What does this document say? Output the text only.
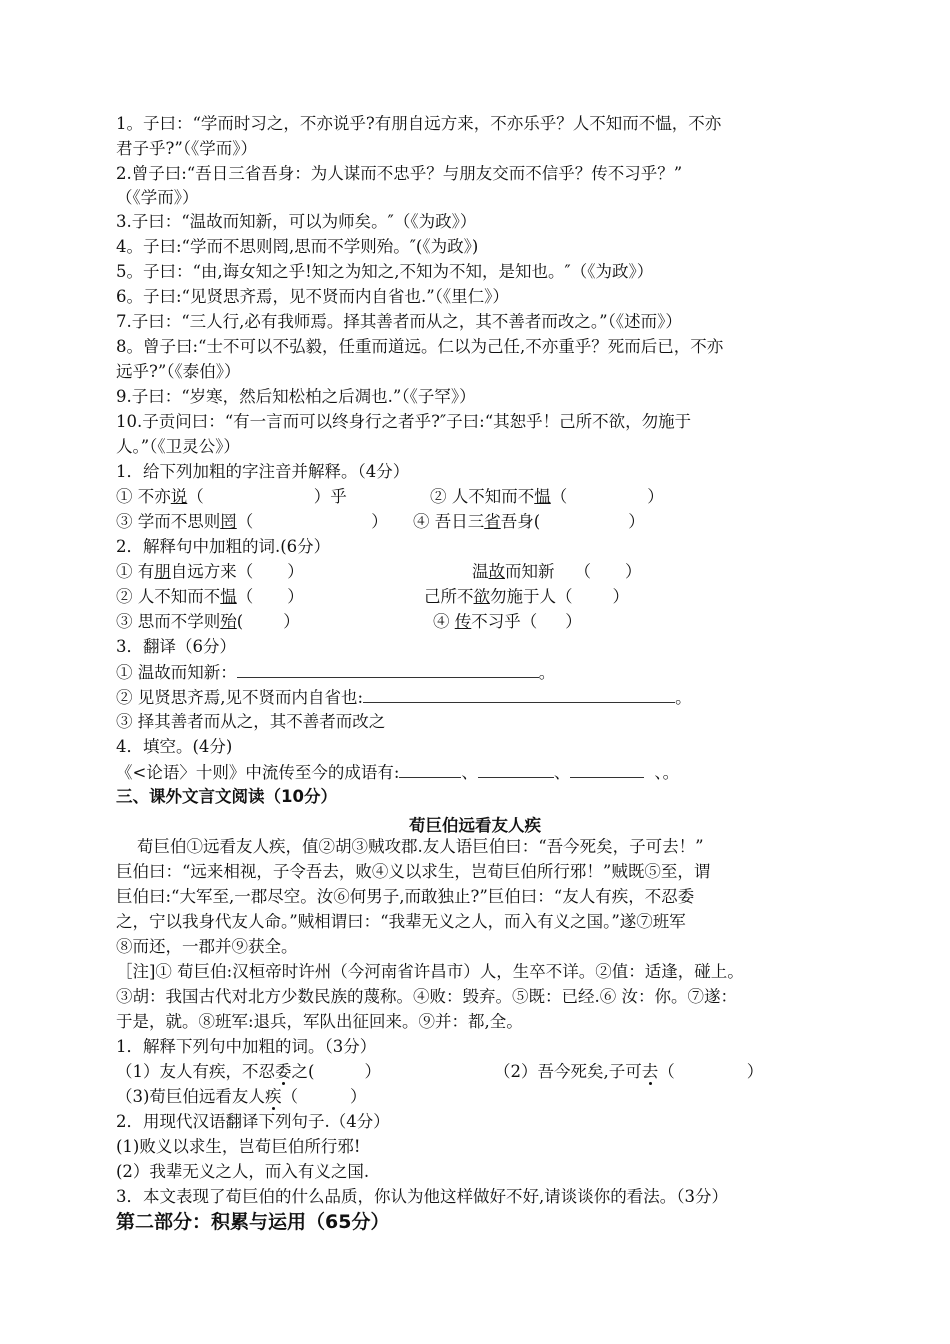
1。子曰：“学而时习之，不亦说乎?有朋自远方来，不亦乐乎？人不知而不愠，不亦
君子乎?”（《学而》）
2.曾子曰:“吾日三省吾身：为人谋而不忠乎？与朋友交而不信乎？传不习乎？”
（《学而》）
3.子曰：“温故而知新，可以为师矣。″（《为政》）
4。子曰:“学而不思则罔,思而不学则殆。″(《为政》)
5。子曰：“由,诲女知之乎!知之为知之,不知为不知，是知也。″（《为政》）
6。子曰:“见贤思齐焉，见不贤而内自省也.”（《里仁》）
7.子曰：“三人行,必有我师焉。择其善者而从之，其不善者而改之。”（《述而》）
8。曾子曰:“士不可以不弘毅，任重而道远。仁以为己任,不亦重乎？死而后已，不亦
远乎?”（《泰伯》）
9.子曰：“岁寒，然后知松柏之后凋也.”（《子罕》）
10.子贡问曰：“有一言而可以终身行之者乎?″子曰:“其恕乎！己所不欲，勿施于
人。”（《卫灵公》）
1．给下列加粗的字注音并解释。（4分）
① 不亦说（	）乎	② 人不知而不愠（	）
③ 学而不思则罔（	） ④ 吾日三省吾身(	）
2．解释句中加粗的词.(6分）
① 有朋自远方来（ ）	温故而知新 （ ）
② 人不知而不愠（ ）	己所不欲勿施于人（ ）
③ 思而不学则殆( ）	④ 传不习乎（ ）
3．翻译（6分）
① 温故而知新：	。
② 见贤思齐焉,见不贤而内自省也:	。
③ 择其善者而从之，其不善者而改之
4．填空。(4分)
《<论语〉十则》中流传至今的成语有:	、	、	、。
三、课外文言文阅读（10分）
荀巨伯远看友人疾
荀巨伯①远看友人疾，值②胡③贼攻郡.友人语巨伯曰：“吾今死矣，子可去！”
巨伯曰：“远来相视，子令吾去，败④义以求生，岂荀巨伯所行邪！”贼既⑤至，谓
巨伯曰:“大军至,一郡尽空。汝⑥何男子,而敢独止?”巨伯曰：“友人有疾，不忍委
之，宁以我身代友人命。”贼相谓曰：“我辈无义之人，而入有义之国。”遂⑦班军
⑧而还，一郡并⑨获全。
［注]① 荀巨伯:汉桓帝时许州（今河南省许昌市）人，生卒不详。②值：适逢，碰上。
③胡：我国古代对北方少数民族的蔑称。④败：毁弃。⑤既：已经.⑥ 汝：你。⑦遂：
于是，就。⑧班军:退兵，军队出征回来。⑨并：都,全。
1．解释下列句中加粗的词。（3分）
（1）友人有疾，不忍委之(	）	（2）吾今死矣,子可去（	）
（3)荀巨伯远看友人疾（	）
2．用现代汉语翻译下列句子.（4分）
(1)败义以求生，岂荀巨伯所行邪!
(2）我辈无义之人，而入有义之国.
3．本文表现了荀巨伯的什么品质，你认为他这样做好不好,请谈谈你的看法。（3分）
第二部分：积累与运用（65分）
